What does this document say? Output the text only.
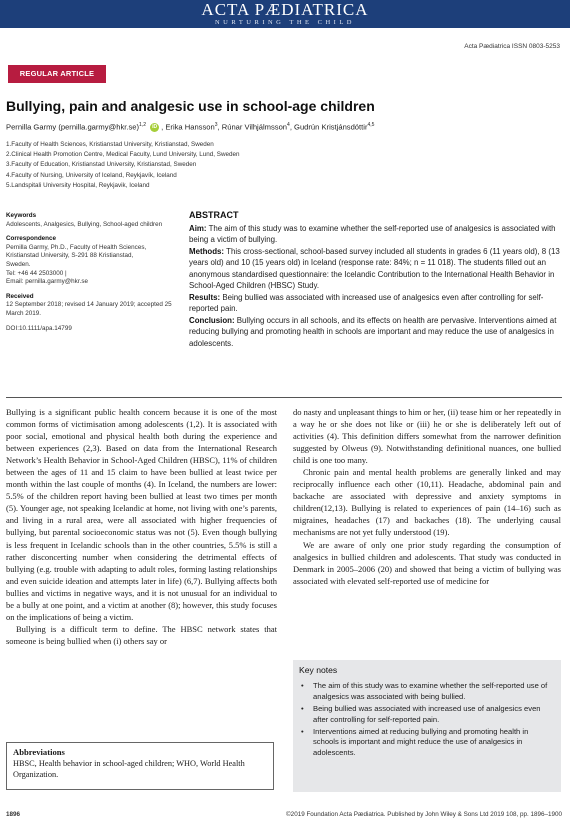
ACTA PÆDIATRICA
NURTURING THE CHILD
Acta Pædiatrica ISSN 0803-5253
REGULAR ARTICLE
Bullying, pain and analgesic use in school-age children
Pernilla Garmy (pernilla.garmy@hkr.se)$^{1,2}$ iD , Erika Hansson$^3$, Rúnar Vilhjálmsson$^4$, Gudrún Kristjánsdóttir$^{4,5}$
1.Faculty of Health Sciences, Kristianstad University, Kristianstad, Sweden
2.Clinical Health Promotion Centre, Medical Faculty, Lund University, Lund, Sweden
3.Faculty of Education, Kristianstad University, Kristianstad, Sweden
4.Faculty of Nursing, University of Iceland, Reykjavík, Iceland
5.Landspitali University Hospital, Reykjavik, Iceland
Keywords
Adolescents, Analgesics, Bullying, School-aged children
Correspondence
Pernilla Garmy, Ph.D., Faculty of Health Sciences,
Kristianstad University, S-291 88 Kristianstad,
Sweden.
Tel: +46 44 2503000 |
Email: pernilla.garmy@hkr.se
Received
12 September 2018; revised 14 January 2019; accepted 25 March 2019.
DOI:10.1111/apa.14799
ABSTRACT

Aim: The aim of this study was to examine whether the self-reported use of analgesics is associated with being a victim of bullying.

Methods: This cross-sectional, school-based survey included all students in grades 6 (11 years old), 8 (13 years old) and 10 (15 years old) in Iceland (response rate: 84%; n = 11 018). The students filled out an anonymous standardised questionnaire: the Icelandic Contribution to the International Health Behavior in School-Aged Children (HBSC) Study.

Results: Being bullied was associated with increased use of analgesics even after controlling for self-reported pain.

Conclusion: Bullying occurs in all schools, and its effects on health are pervasive. Interventions aimed at reducing bullying and promoting health in schools are important and may reduce the use of analgesics in adolescents.

Bullying is a significant public health concern because it is one of the most common forms of victimisation among adolescents (1,2). It is associated with poor social, emotional and physical health both during the experience and between experiences (2,3). Based on data from the International Research Network’s Health Behavior in School-Aged Children (HBSC), 11% of children between the ages of 11 and 15 claim to have been bullied at least twice per month within the last couple of months (4). In Iceland, the numbers are lower: 5.5% of the children report having been bullied at least two times per month (5). Younger age, not speaking Icelandic at home, not living with one’s parents, and living in a rural area, were all associated with higher frequencies of bullying, but parental socioeconomic status was not (5). Even though bullying is less frequent in Icelandic schools than in the other countries, 5.5% is still a rather disconcerting number when considering the detrimental effects of bullying (e.g. trouble with adapting to adult roles, forming lasting relationships and even suicide ideation and attempts later in life) (6,7). Bullying affects both bullies and victims in negative ways, and it is not unusual for an individual to be a bully at one point, and a victim at another (8); however, this study focuses on the implications of being a victim.

Bullying is a difficult term to define. The HBSC network states that someone is being bullied when (i) others say or

do nasty and unpleasant things to him or her, (ii) tease him or her repeatedly in a way he or she does not like or (iii) he or she is deliberately left out of activities (4). This definition differs somewhat from the narrower definition suggested by Olweus (9). Notwithstanding definitional nuances, one bullied child is one too many.

Chronic pain and mental health problems are generally linked and may reciprocally influence each other (10,11). Headache, abdominal pain and backache are associated with depressive and anxiety symptoms in children(12,13). Bullying is related to experiences of pain (14–16) such as migraines, headaches (17) and backaches (18). The underlying causal mechanisms are not yet fully understood (19).

We are aware of only one prior study regarding the consumption of analgesics in bullied children and adolescents. That study was conducted in Denmark in 2005–2006 (20) and showed that being a victim of bullying was associated with elevated self-reported use of medicine for

Abbreviations
HBSC, Health behavior in school-aged children; WHO, World Health Organization.
Key notes
• The aim of this study was to examine whether the self-reported use of analgesics was associated with being bullied.
• Being bullied was associated with increased use of analgesics even after controlling for self-reported pain.
• Interventions aimed at reducing bullying and promoting health in schools is important and might reduce the use of analgesics in adolescents.
1896	©2019 Foundation Acta Pædiatrica. Published by John Wiley & Sons Ltd 2019 108, pp. 1896–1900
